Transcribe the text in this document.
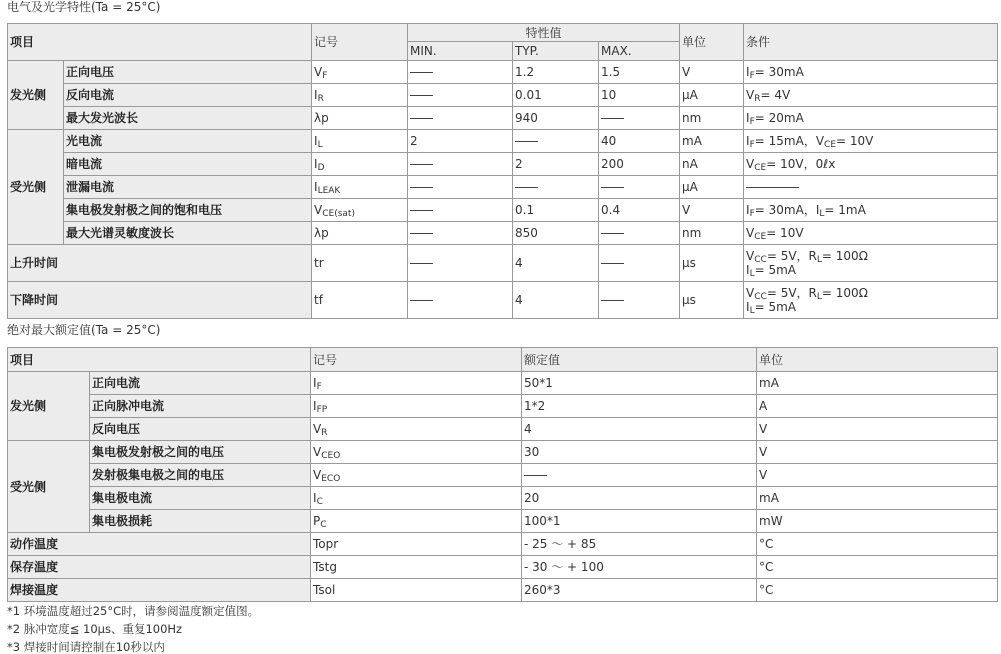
电气及光学特性(Ta = 25°C)
项目		记号	特性值			单位	条件
			MIN.	TYP.	MAX.		
发光侧	正向电压	$V_F$		1.2	1.5	V	$I_F= 30mA$
	反向电流	$I_R$		0.01	10	μA	$V_R= 4V$
	最大发光波长	λp		940		nm	$I_F= 20mA$
受光侧	光电流	$I_L$	2		40	mA	$I_F= 15mA$，$V_{CE}= 10V$
	暗电流	$I_D$		2	200	nA	$V_{CE}= 10V$，0ℓx
	泄漏电流	$I_{LEAK}$				μA	
	集电极发射极之间的饱和电压	$V_{CE(sat)}$		0.1	0.4	V	$I_F= 30mA$，$I_L= 1mA$
	最大光谱灵敏度波长	λp		850		nm	$V_{CE}= 10V$
上升时间		tr		4		μs	$V_{CC}= 5V$，$R_L= 100\Omega$
$I_L= 5mA$

下降时间		tf		4		μs	$V_{CC}= 5V$，$R_L= 100\Omega$
$I_L= 5mA$
绝对最大额定值(Ta = 25°C)
项目		记号	额定值	单位
发光侧	正向电流	$I_F$	50*1	mA
	正向脉冲电流	$I_{FP}$	1*2	A
	反向电压	$V_R$	4	V
受光侧	集电极发射极之间的电压	$V_{CEO}$	30	V
	发射极集电极之间的电压	$V_{ECO}$		V
	集电极电流	$I_C$	20	mA
	集电极损耗	$P_C$	100*1	mW
动作温度		Topr	- 25 ～ + 85	°C
保存温度		Tstg	- 30 ～ + 100	°C
焊接温度		Tsol	260*3	°C
*1 环境温度超过25°C时，请参阅温度额定值图。
*2 脉冲宽度≦ 10μs、重复100Hz
*3 焊接时间请控制在10秒以内
